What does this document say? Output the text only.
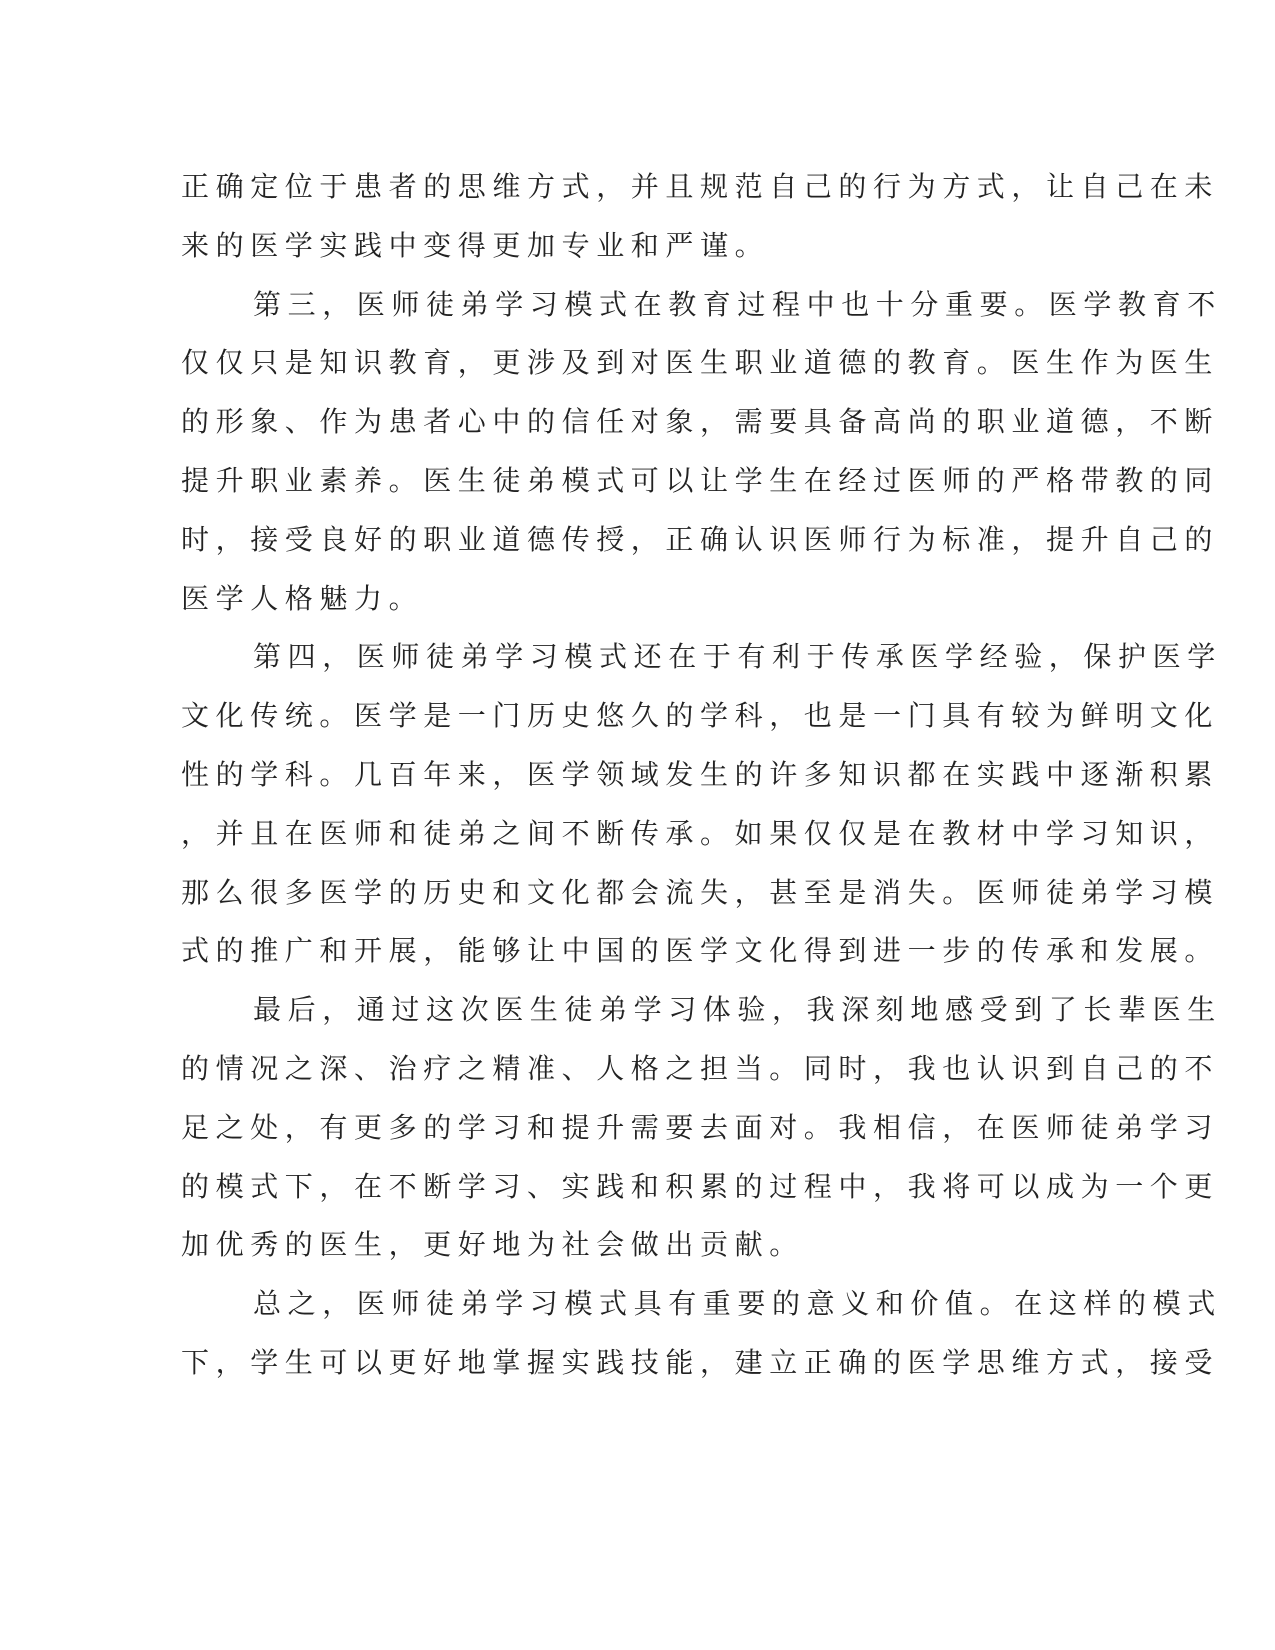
正确定位于患者的思维方式，并且规范自己的行为方式，让自己在未
来的医学实践中变得更加专业和严谨。
第三，医师徒弟学习模式在教育过程中也十分重要。医学教育不
仅仅只是知识教育，更涉及到对医生职业道德的教育。医生作为医生
的形象、作为患者心中的信任对象，需要具备高尚的职业道德，不断
提升职业素养。医生徒弟模式可以让学生在经过医师的严格带教的同
时，接受良好的职业道德传授，正确认识医师行为标准，提升自己的
医学人格魅力。
第四，医师徒弟学习模式还在于有利于传承医学经验，保护医学
文化传统。医学是一门历史悠久的学科，也是一门具有较为鲜明文化
性的学科。几百年来，医学领域发生的许多知识都在实践中逐渐积累
，并且在医师和徒弟之间不断传承。如果仅仅是在教材中学习知识，
那么很多医学的历史和文化都会流失，甚至是消失。医师徒弟学习模
式的推广和开展，能够让中国的医学文化得到进一步的传承和发展。
最后，通过这次医生徒弟学习体验，我深刻地感受到了长辈医生
的情况之深、治疗之精准、人格之担当。同时，我也认识到自己的不
足之处，有更多的学习和提升需要去面对。我相信，在医师徒弟学习
的模式下，在不断学习、实践和积累的过程中，我将可以成为一个更
加优秀的医生，更好地为社会做出贡献。
总之，医师徒弟学习模式具有重要的意义和价值。在这样的模式
下，学生可以更好地掌握实践技能，建立正确的医学思维方式，接受
